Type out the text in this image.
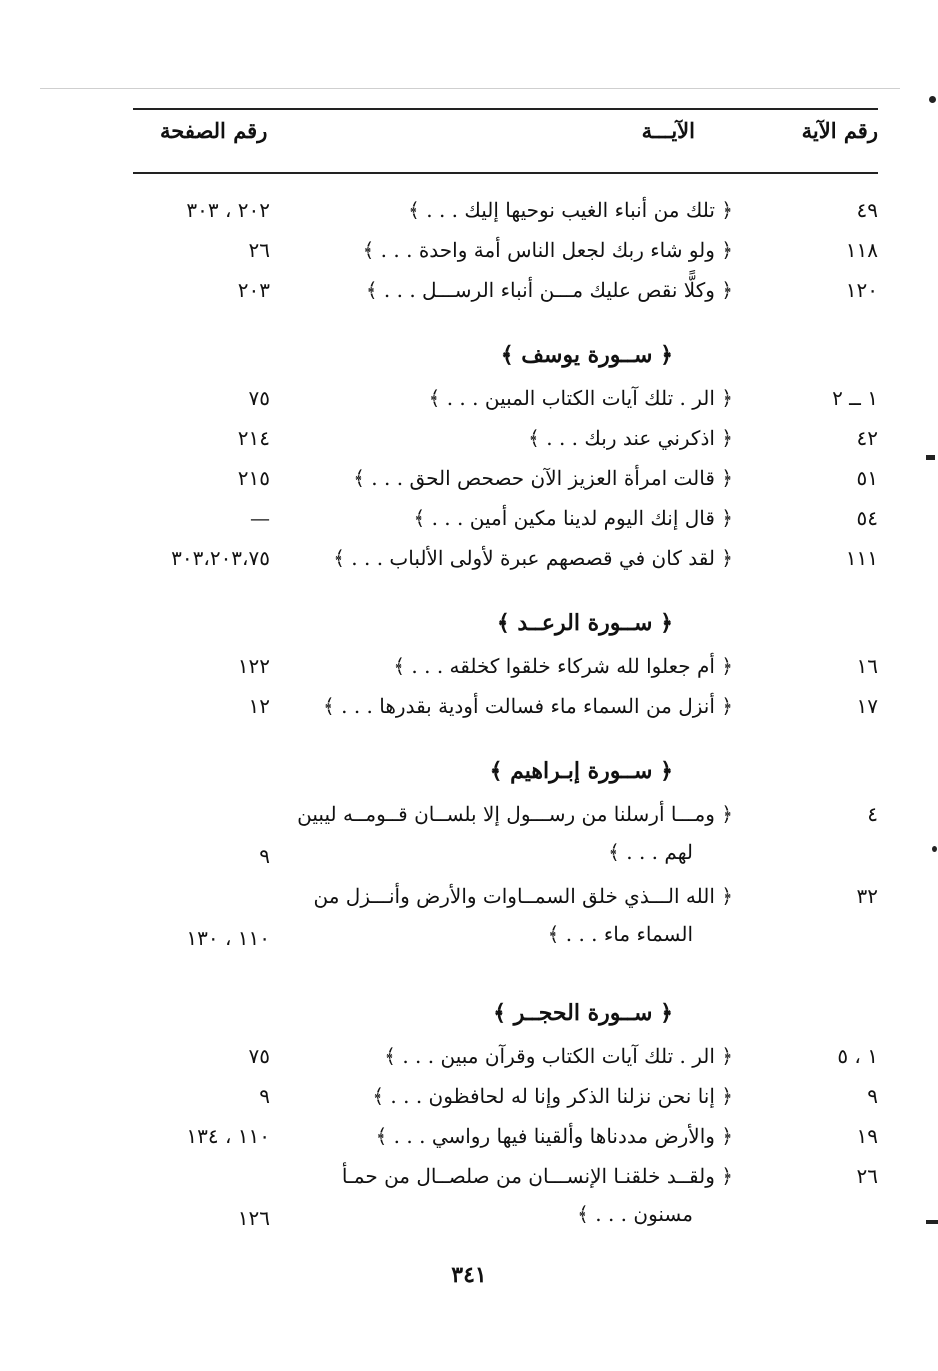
رقم الآية
الآيـــة
رقم الصفحة
٤٩
﴿ تلك من أنباء الغيب نوحيها إليك . . . ﴾
٢٠٢ ، ٣٠٣
١١٨
﴿ ولو شاء ربك لجعل الناس أمة واحدة . . . ﴾
٢٦
١٢٠
﴿ وكلًّا نقص عليك مـــن أنباء الرســـل . . . ﴾
٢٠٣
﴿ ســورة يوسف ﴾
١ ــ ٢
﴿ الر . تلك آيات الكتاب المبين . . . ﴾
٧٥
٤٢
﴿ اذكرني عند ربك . . . ﴾
٢١٤
٥١
﴿ قالت امرأة العزيز الآن حصحص الحق . . . ﴾
٢١٥
٥٤
﴿ قال إنك اليوم لدينا مكين أمين . . . ﴾
—
١١١
﴿ لقد كان في قصصهم عبرة لأولى الألباب . . . ﴾
٣٠٣،٢٠٣،٧٥
﴿ ســورة الرعــد ﴾
١٦
﴿ أم جعلوا لله شركاء خلقوا كخلقه . . . ﴾
١٢٢
١٧
﴿ أنزل من السماء ماء فسالت أودية بقدرها . . . ﴾
١٢
﴿ ســورة إبـراهيم ﴾
٤
﴿ ومـــا أرسلنا من رســـول إلا بلســان قــومــه ليبين
لهم . . . ﴾
٩
٣٢
﴿ الله الـــذي خلق السمــاوات والأرض وأنـــزل من
السماء ماء . . . ﴾
١١٠ ، ١٣٠
﴿ ســورة الحجــر ﴾
١ ، ٥
﴿ الر . تلك آيات الكتاب وقرآن مبين . . . ﴾
٧٥
٩
﴿ إنا نحن نزلنا الذكر وإنا له لحافظون . . . ﴾
٩
١٩
﴿ والأرض مددناها وألقينا فيها رواسي . . . ﴾
١١٠ ، ١٣٤
٢٦
﴿ ولقــد خلقنـا الإنســـان من صلصــال من حمـأ
مسنون . . . ﴾
١٢٦
٣٤١
